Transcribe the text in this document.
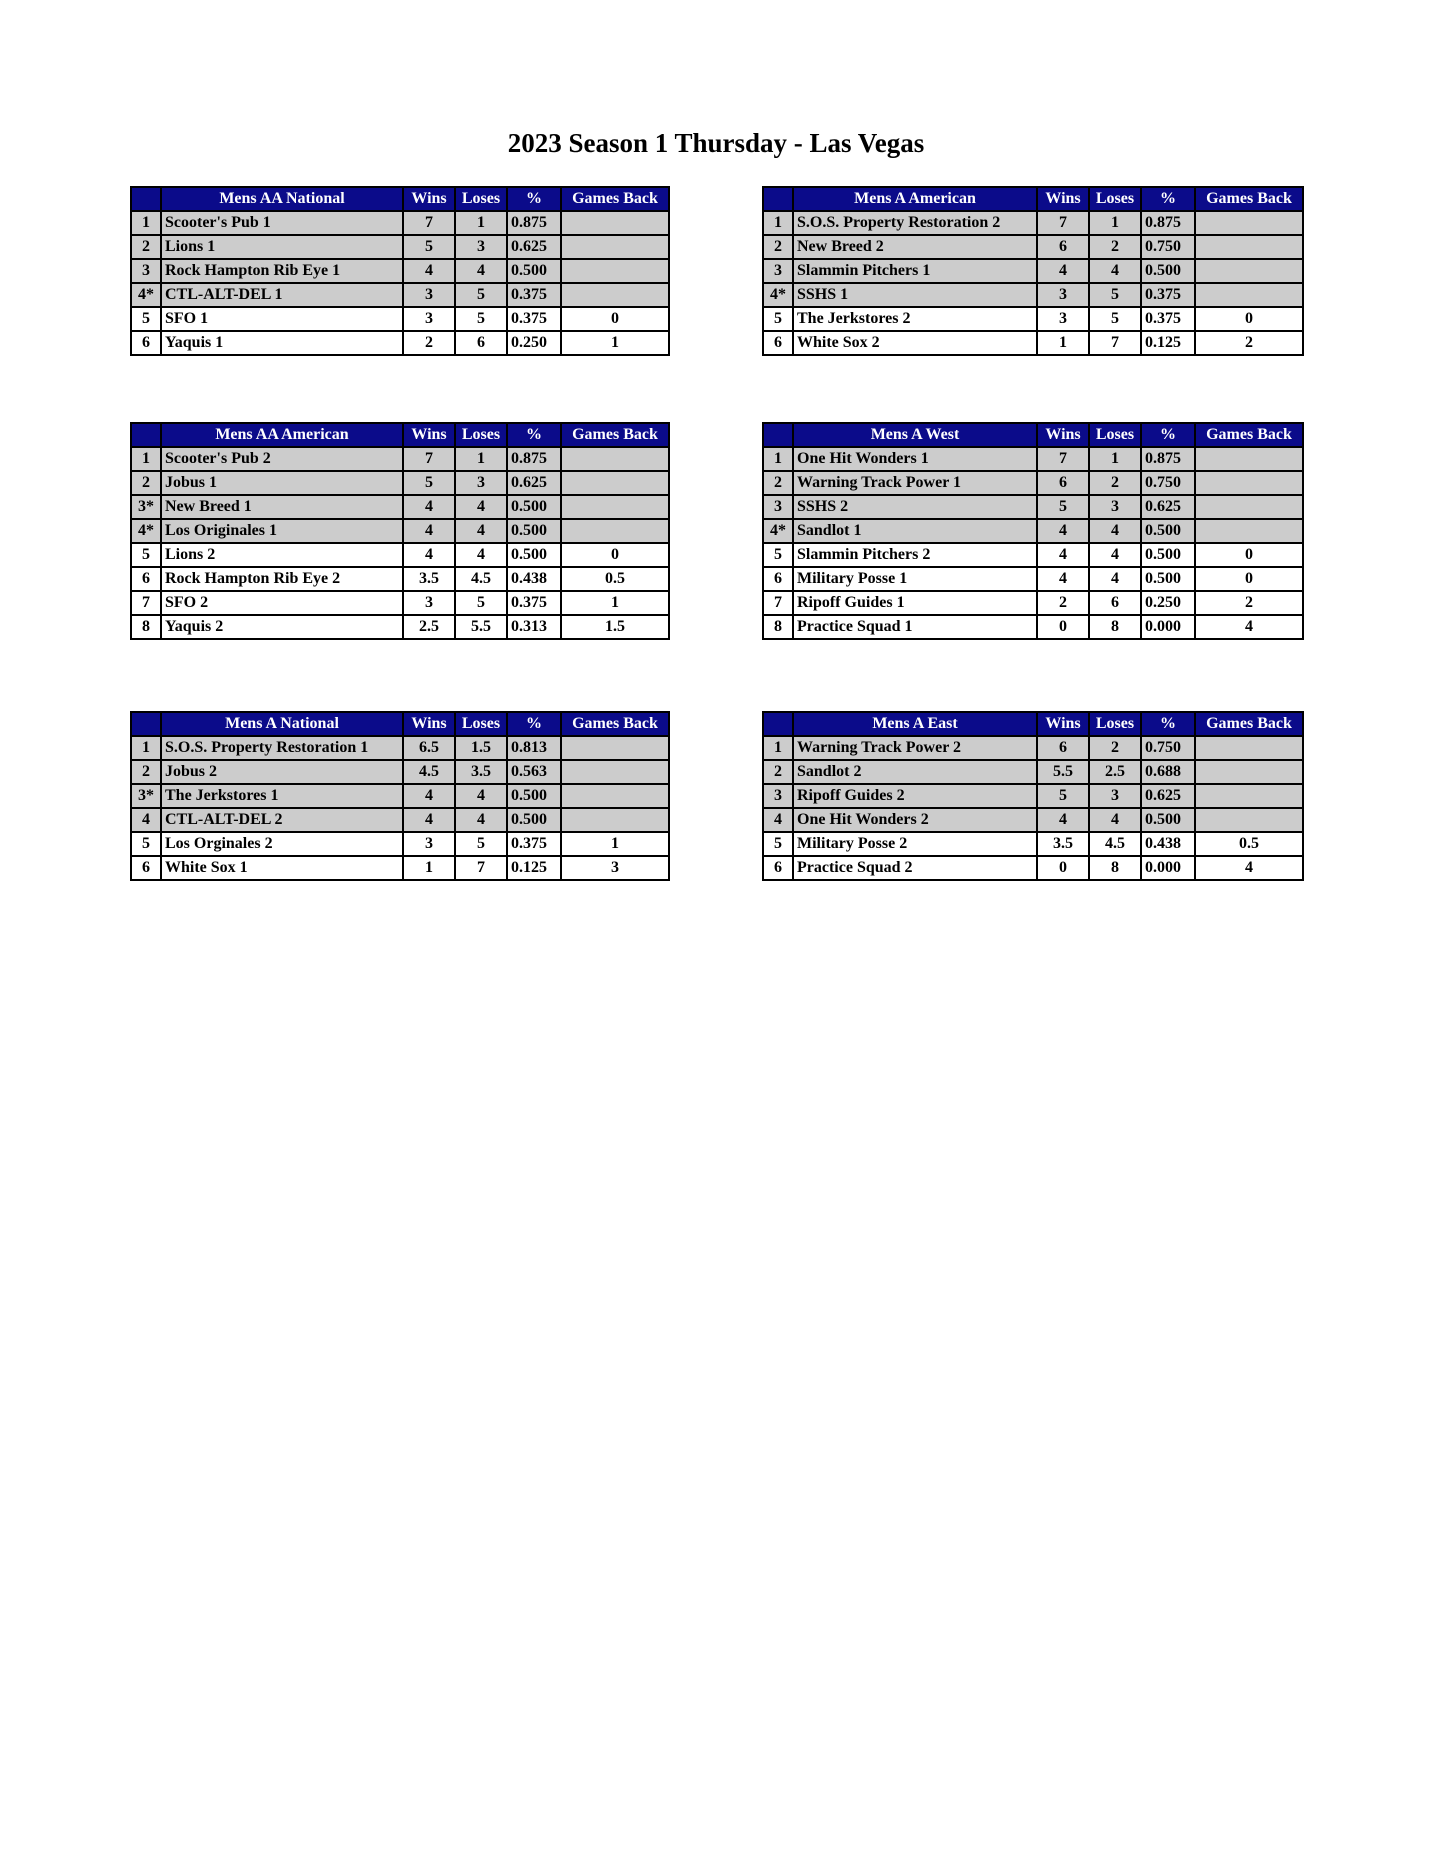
2023 Season 1 Thursday - Las Vegas
	Mens AA National	Wins	Loses	%	Games Back
1	Scooter's Pub 1	7	1	0.875	
2	Lions 1	5	3	0.625	
3	Rock Hampton Rib Eye 1	4	4	0.500	
4*	CTL-ALT-DEL 1	3	5	0.375	
5	SFO 1	3	5	0.375	0
6	Yaquis 1	2	6	0.250	1
	Mens A American	Wins	Loses	%	Games Back
1	S.O.S. Property Restoration 2	7	1	0.875	
2	New Breed 2	6	2	0.750	
3	Slammin Pitchers 1	4	4	0.500	
4*	SSHS 1	3	5	0.375	
5	The Jerkstores 2	3	5	0.375	0
6	White Sox 2	1	7	0.125	2
	Mens AA American	Wins	Loses	%	Games Back
1	Scooter's Pub 2	7	1	0.875	
2	Jobus 1	5	3	0.625	
3*	New Breed 1	4	4	0.500	
4*	Los Originales 1	4	4	0.500	
5	Lions 2	4	4	0.500	0
6	Rock Hampton Rib Eye 2	3.5	4.5	0.438	0.5
7	SFO 2	3	5	0.375	1
8	Yaquis 2	2.5	5.5	0.313	1.5
	Mens A West	Wins	Loses	%	Games Back
1	One Hit Wonders 1	7	1	0.875	
2	Warning Track Power 1	6	2	0.750	
3	SSHS 2	5	3	0.625	
4*	Sandlot 1	4	4	0.500	
5	Slammin Pitchers 2	4	4	0.500	0
6	Military Posse 1	4	4	0.500	0
7	Ripoff Guides 1	2	6	0.250	2
8	Practice Squad 1	0	8	0.000	4
	Mens A National	Wins	Loses	%	Games Back
1	S.O.S. Property Restoration 1	6.5	1.5	0.813	
2	Jobus 2	4.5	3.5	0.563	
3*	The Jerkstores 1	4	4	0.500	
4	CTL-ALT-DEL 2	4	4	0.500	
5	Los Orginales 2	3	5	0.375	1
6	White Sox 1	1	7	0.125	3
	Mens A East	Wins	Loses	%	Games Back
1	Warning Track Power 2	6	2	0.750	
2	Sandlot 2	5.5	2.5	0.688	
3	Ripoff Guides 2	5	3	0.625	
4	One Hit Wonders 2	4	4	0.500	
5	Military Posse 2	3.5	4.5	0.438	0.5
6	Practice Squad 2	0	8	0.000	4
